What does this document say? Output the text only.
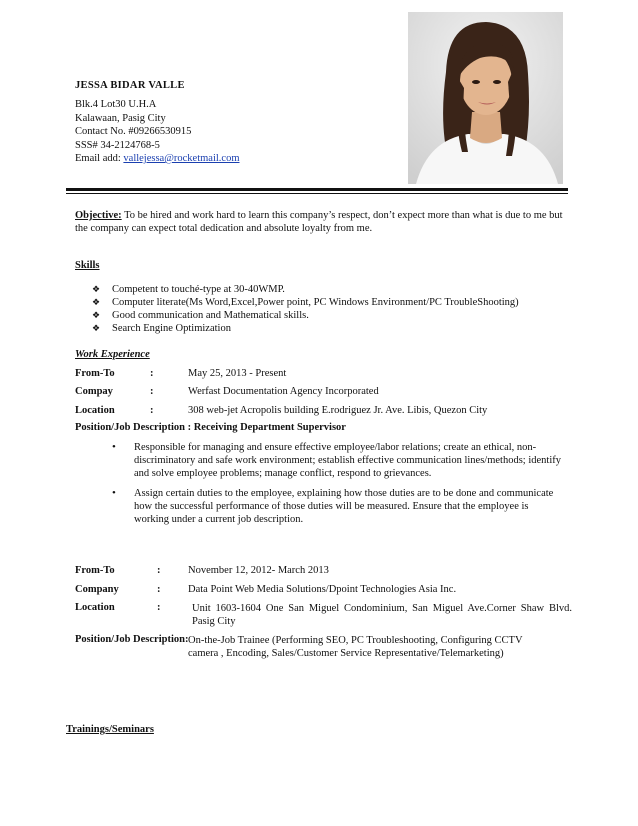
JESSA BIDAR VALLE
Blk.4 Lot30 U.H.A
Kalawaan, Pasig City
Contact No. #09266530915
SSS# 34-2124768-5
Email add: vallejessa@rocketmail.com
Objective: To be hired and work hard to learn this company’s respect, don’t expect more than what is due to me but the company can expect total dedication and absolute loyalty from me.
Skills
❖ Competent to touché-type at 30-40WMP.
❖ Computer literate(Ms Word,Excel,Power point, PC Windows Environment/PC TroubleShooting)
❖ Good communication and Mathematical skills.
❖ Search Engine Optimization
Work Experience
From-To	:	May 25, 2013 - Present
Compay	:	Werfast Documentation Agency Incorporated
Location	:	308 web-jet Acropolis building E.rodriguez Jr. Ave. Libis, Quezon City
Position/Job Description : Receiving Department Supervisor
• Responsible for managing and ensure effective employee/labor relations; create an ethical, non-discriminatory and safe work environment; establish effective communication lines/methods; identify and solve employee problems; manage conflict, respond to grievances.
• Assign certain duties to the employee, explaining how those duties are to be done and communicate how the successful performance of those duties will be measured. Ensure that the employee is working under a current job description.
From-To	:	November 12, 2012- March 2013
Company	:	Data Point Web Media Solutions/Dpoint Technologies Asia Inc.
Location	:	Unit 1603-1604 One San Miguel Condominium, San Miguel Ave.Corner Shaw Blvd. Pasig City
Position/Job Description: On-the-Job Trainee (Performing SEO, PC Troubleshooting, Configuring CCTV camera , Encoding, Sales/Customer Service Representative/Telemarketing)
Trainings/Seminars
